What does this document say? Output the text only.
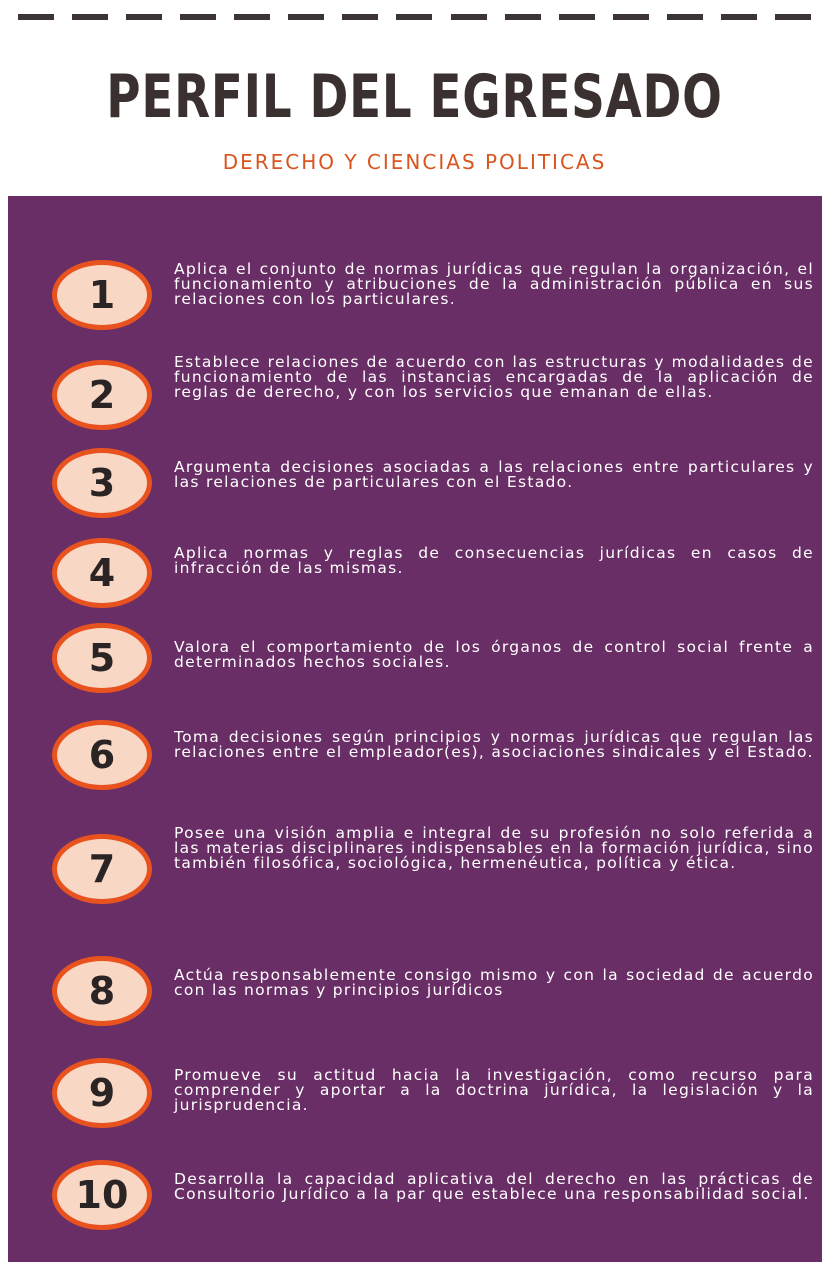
PERFIL DEL EGRESADO
DERECHO Y CIENCIAS POLITICAS
1
Aplica el conjunto de normas jurídicas que regulan la organización, el funcionamiento y atribuciones de la administración pública en sus relaciones con los particulares.
2
Establece relaciones de acuerdo con las estructuras y modalidades de funcionamiento de las instancias encargadas de la aplicación de reglas de derecho, y con los servicios que emanan de ellas.
3	Argumenta decisiones asociadas a las relaciones entre particulares y las relaciones de particulares con el Estado.
4	Aplica normas y reglas de consecuencias jurídicas en casos de infracción de las mismas.
5	Valora el comportamiento de los órganos de control social frente a determinados hechos sociales.
6	Toma decisiones según principios y normas jurídicas que regulan las relaciones entre el empleador(es), asociaciones sindicales y el Estado.
7
Posee una visión amplia e integral de su profesión no solo referida a las materias disciplinares indispensables en la formación jurídica, sino también filosófica, sociológica, hermenéutica, política y ética.
8	Actúa responsablemente consigo mismo y con la sociedad de acuerdo con las normas y principios jurídicos
9	Promueve su actitud hacia la investigación, como recurso para comprender y aportar a la doctrina jurídica, la legislación y la jurisprudencia.
10	Desarrolla la capacidad aplicativa del derecho en las prácticas de Consultorio Jurídico a la par que establece una responsabilidad social.
